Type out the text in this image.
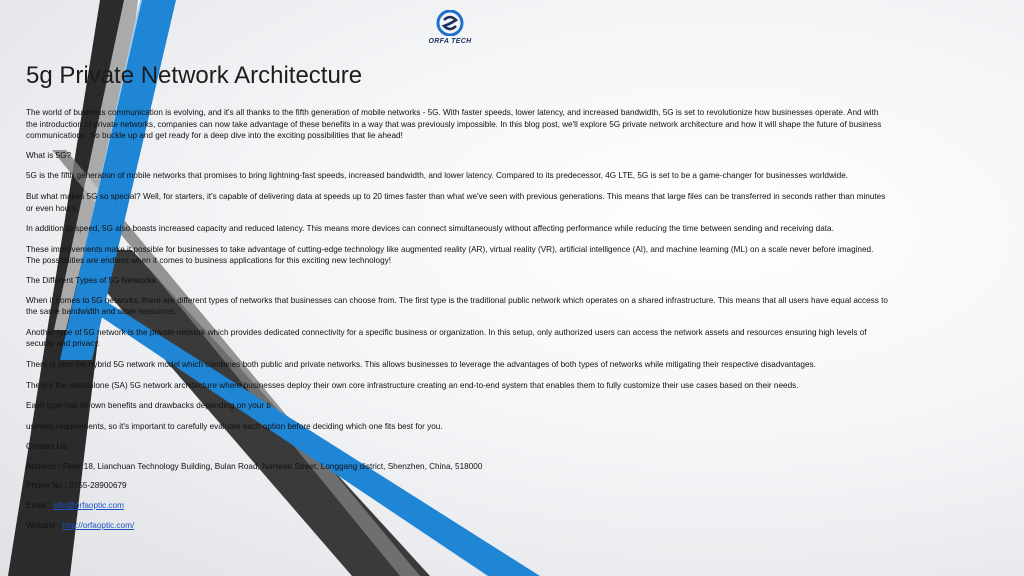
ORFA TECH
5g Private Network Architecture

The world of business communication is evolving, and it's all thanks to the fifth generation of mobile networks - 5G. With faster speeds, lower latency, and increased bandwidth, 5G is set to revolutionize how businesses operate. And with

the introduction of private networks, companies can now take advantage of these benefits in a way that was previously impossible. In this blog post, we'll explore 5G private network architecture and how it will shape the future of business

communications. So buckle up and get ready for a deep dive into the exciting possibilities that lie ahead!

What is 5G?

5G is the fifth generation of mobile networks that promises to bring lightning-fast speeds, increased bandwidth, and lower latency. Compared to its predecessor, 4G LTE, 5G is set to be a game-changer for businesses worldwide.

But what makes 5G so special? Well, for starters, it's capable of delivering data at speeds up to 20 times faster than what we've seen with previous generations. This means that large files can be transferred in seconds rather than minutes

or even hours.

In addition to speed, 5G also boasts increased capacity and reduced latency. This means more devices can connect simultaneously without affecting performance while reducing the time between sending and receiving data.

These improvements make it possible for businesses to take advantage of cutting-edge technology like augmented reality (AR), virtual reality (VR), artificial intelligence (AI), and machine learning (ML) on a scale never before imagined.

The possibilities are endless when it comes to business applications for this exciting new technology!

The Different Types of 5G Networks

When it comes to 5G networks, there are different types of networks that businesses can choose from. The first type is the traditional public network which operates on a shared infrastructure. This means that all users have equal access to

the same bandwidth and other resources.

Another type of 5G network is the private network which provides dedicated connectivity for a specific business or organization. In this setup, only authorized users can access the network assets and resources ensuring high levels of

security and privacy.

There is also the hybrid 5G network model which combines both public and private networks. This allows businesses to leverage the advantages of both types of networks while mitigating their respective disadvantages.

There's the standalone (SA) 5G network architecture where businesses deploy their own core infrastructure creating an end-to-end system that enables them to fully customize their use cases based on their needs.

Each type has its own benefits and drawbacks depending on your b

usiness requirements, so it's important to carefully evaluate each option before deciding which one fits best for you.

Contact Us:

Address : Floor 18, Lianchuan Technology Building, Bulan Road, Nanwan Street, Longgang district, Shenzhen, China, 518000

Phone No : 0755-28900679

Email : info@orfaoptic.com

Website : http://orfaoptic.com/
